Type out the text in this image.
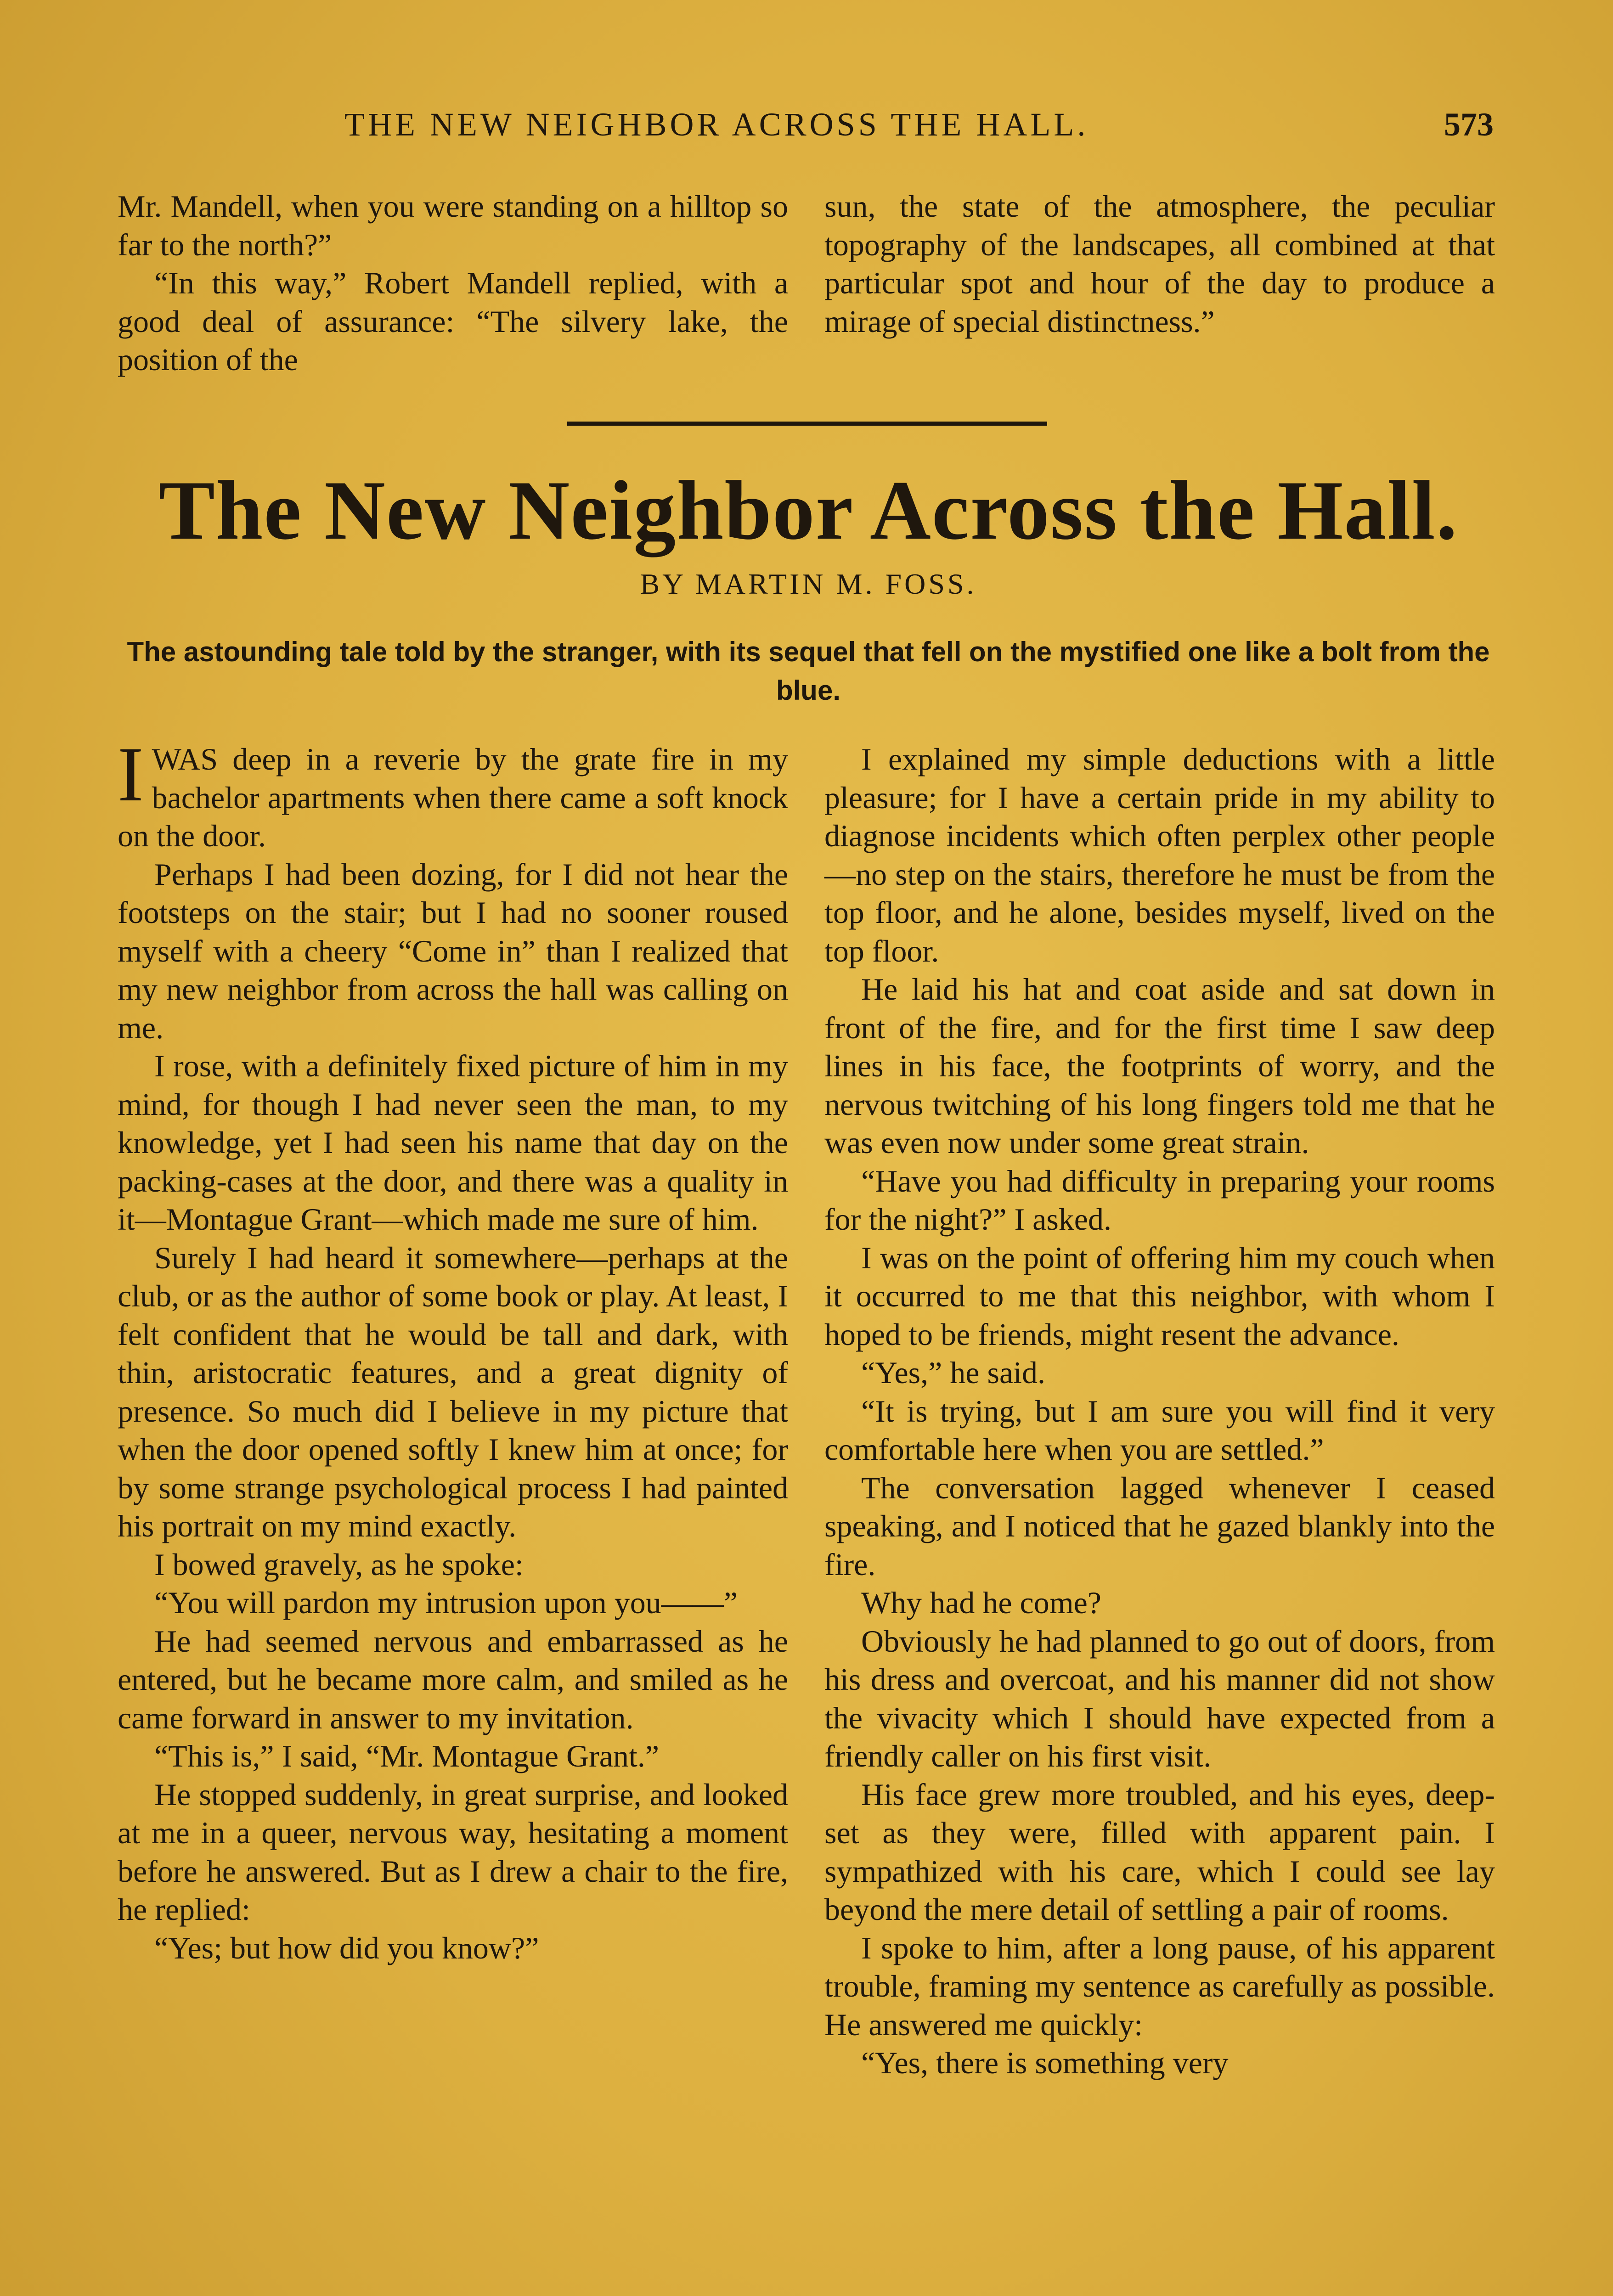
THE NEW NEIGHBOR ACROSS THE HALL.	573

Mr. Mandell, when you were standing on a hilltop so far to the north?”

“In this way,” Robert Mandell replied, with a good deal of assurance: “The silvery lake, the position of the

sun, the state of the atmosphere, the peculiar topography of the landscapes, all combined at that particular spot and hour of the day to produce a mirage of special distinctness.”

The New Neighbor Across the Hall.
BY MARTIN M. FOSS.
The astounding tale told by the stranger, with its sequel that fell on the mystified one like a bolt from the blue.

IWAS deep in a reverie by the grate fire in my bachelor apartments when there came a soft knock on the door.

Perhaps I had been dozing, for I did not hear the footsteps on the stair; but I had no sooner roused myself with a cheery “Come in” than I realized that my new neighbor from across the hall was calling on me.

I rose, with a definitely fixed picture of him in my mind, for though I had never seen the man, to my knowledge, yet I had seen his name that day on the packing-cases at the door, and there was a quality in it—Montague Grant—which made me sure of him.

Surely I had heard it somewhere—perhaps at the club, or as the author of some book or play. At least, I felt confident that he would be tall and dark, with thin, aristocratic features, and a great dignity of presence. So much did I believe in my picture that when the door opened softly I knew him at once; for by some strange psychological process I had painted his portrait on my mind exactly.

I bowed gravely, as he spoke:

“You will pardon my intrusion upon you——”

He had seemed nervous and embarrassed as he entered, but he became more calm, and smiled as he came forward in answer to my invitation.

“This is,” I said, “Mr. Montague Grant.”

He stopped suddenly, in great surprise, and looked at me in a queer, nervous way, hesitating a moment before he answered. But as I drew a chair to the fire, he replied:

“Yes; but how did you know?”

I explained my simple deductions with a little pleasure; for I have a certain pride in my ability to diagnose incidents which often perplex other people—no step on the stairs, therefore he must be from the top floor, and he alone, besides myself, lived on the top floor.

He laid his hat and coat aside and sat down in front of the fire, and for the first time I saw deep lines in his face, the footprints of worry, and the nervous twitching of his long fingers told me that he was even now under some great strain.

“Have you had difficulty in preparing your rooms for the night?” I asked.

I was on the point of offering him my couch when it occurred to me that this neighbor, with whom I hoped to be friends, might resent the advance.

“Yes,” he said.

“It is trying, but I am sure you will find it very comfortable here when you are settled.”

The conversation lagged whenever I ceased speaking, and I noticed that he gazed blankly into the fire.

Why had he come?

Obviously he had planned to go out of doors, from his dress and overcoat, and his manner did not show the vivacity which I should have expected from a friendly caller on his first visit.

His face grew more troubled, and his eyes, deep-set as they were, filled with apparent pain. I sympathized with his care, which I could see lay beyond the mere detail of settling a pair of rooms.

I spoke to him, after a long pause, of his apparent trouble, framing my sentence as carefully as possible. He answered me quickly:

“Yes, there is something very
